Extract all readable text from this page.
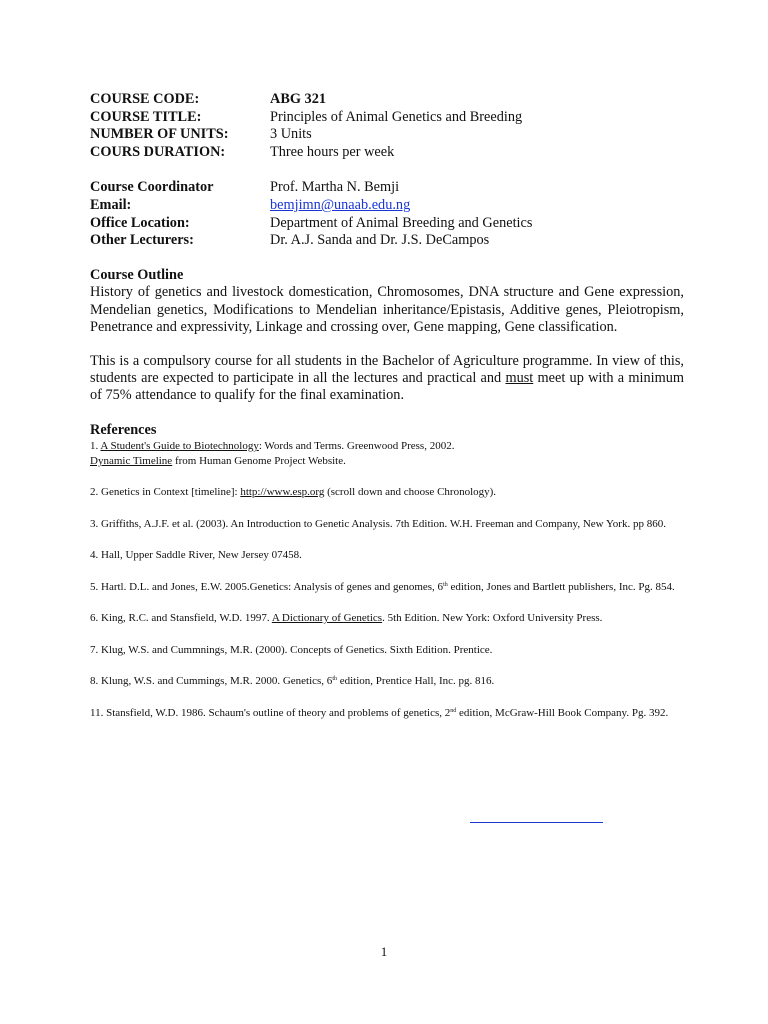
COURSE CODE:	ABG 321
COURSE TITLE:	Principles of Animal Genetics and Breeding
NUMBER OF UNITS:	3 Units
COURS DURATION:	Three hours per week

Course Coordinator	Prof. Martha N. Bemji
Email:	bemjimn@unaab.edu.ng
Office Location:	Department of Animal Breeding and Genetics
Other Lecturers:	Dr. A.J. Sanda and Dr. J.S. DeCampos
Course Outline

History of genetics and livestock domestication, Chromosomes, DNA structure and Gene expression, Mendelian genetics, Modifications to Mendelian inheritance/Epistasis, Additive genes, Pleiotropism, Penetrance and expressivity, Linkage and crossing over, Gene mapping, Gene classification.

This is a compulsory course for all students in the Bachelor of Agriculture programme. In view of this, students are expected to participate in all the lectures and practical and must meet up with a minimum of 75% attendance to qualify for the final examination.

References

1. A Student's Guide to Biotechnology: Words and Terms. Greenwood Press, 2002.
Dynamic Timeline from Human Genome Project Website.

2. Genetics in Context [timeline]: http://www.esp.org (scroll down and choose Chronology).

3. Griffiths, A.J.F. et al. (2003). An Introduction to Genetic Analysis. 7th Edition. W.H. Freeman and Company, New York. pp 860.

4. Hall, Upper Saddle River, New Jersey 07458.

5. Hartl. D.L. and Jones, E.W. 2005.Genetics: Analysis of genes and genomes, 6th edition, Jones and Bartlett publishers, Inc. Pg. 854.

6. King, R.C. and Stansfield, W.D. 1997. A Dictionary of Genetics. 5th Edition. New York: Oxford University Press.

7. Klug, W.S. and Cummnings, M.R. (2000). Concepts of Genetics. Sixth Edition. Prentice.

8. Klung, W.S. and Cummings, M.R. 2000. Genetics, 6th edition, Prentice Hall, Inc. pg. 816.

11. Stansfield, W.D. 1986. Schaum's outline of theory and problems of genetics, 2nd edition, McGraw-Hill Book Company. Pg. 392.

1
